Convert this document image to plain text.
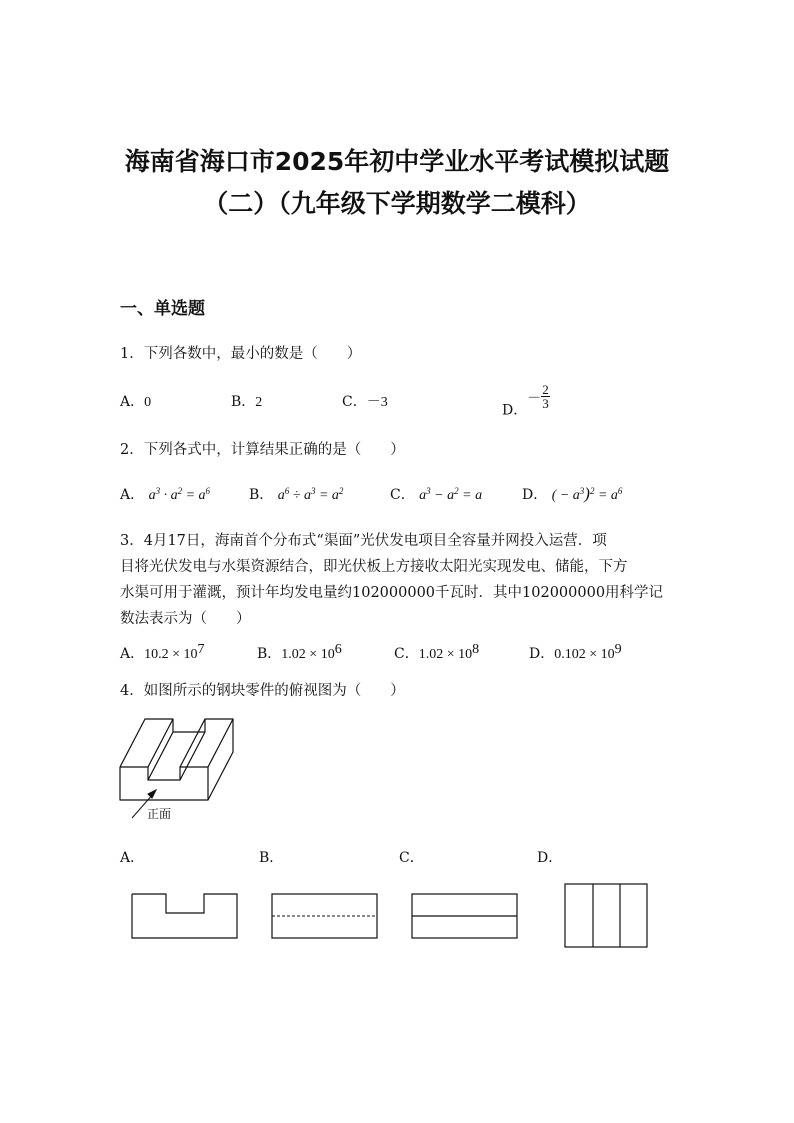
海南省海口市2025年初中学业水平考试模拟试题
（二）（九年级下学期数学二模科）
一、单选题
1．下列各数中，最小的数是（　　）
A．0	B．2	C．－3	D．－ $\frac{2}{3}$
2．下列各式中，计算结果正确的是（　　）
A． $a^3 \cdot a^2 = a^6$	B． $a^6 \div a^3 = a^2$	C． $a^3 - a^2 = a$	D． ( − $a^3)^2 = a^6$
3．4月17日，海南首个分布式“渠面”光伏发电项目全容量并网投入运营．项
目将光伏发电与水渠资源结合，即光伏板上方接收太阳光实现发电、储能，下方
水渠可用于灌溉，预计年均发电量约102000000千瓦时．其中102000000用科学记
数法表示为（　　）
A．$10.2 \times 10^7$	B．$1.02 \times 10^6$	C．$1.02 \times 10^8$	D．$0.102 \times 10^9$
4．如图所示的钢块零件的俯视图为（　　）
正面
A．	B．	C．	D．
